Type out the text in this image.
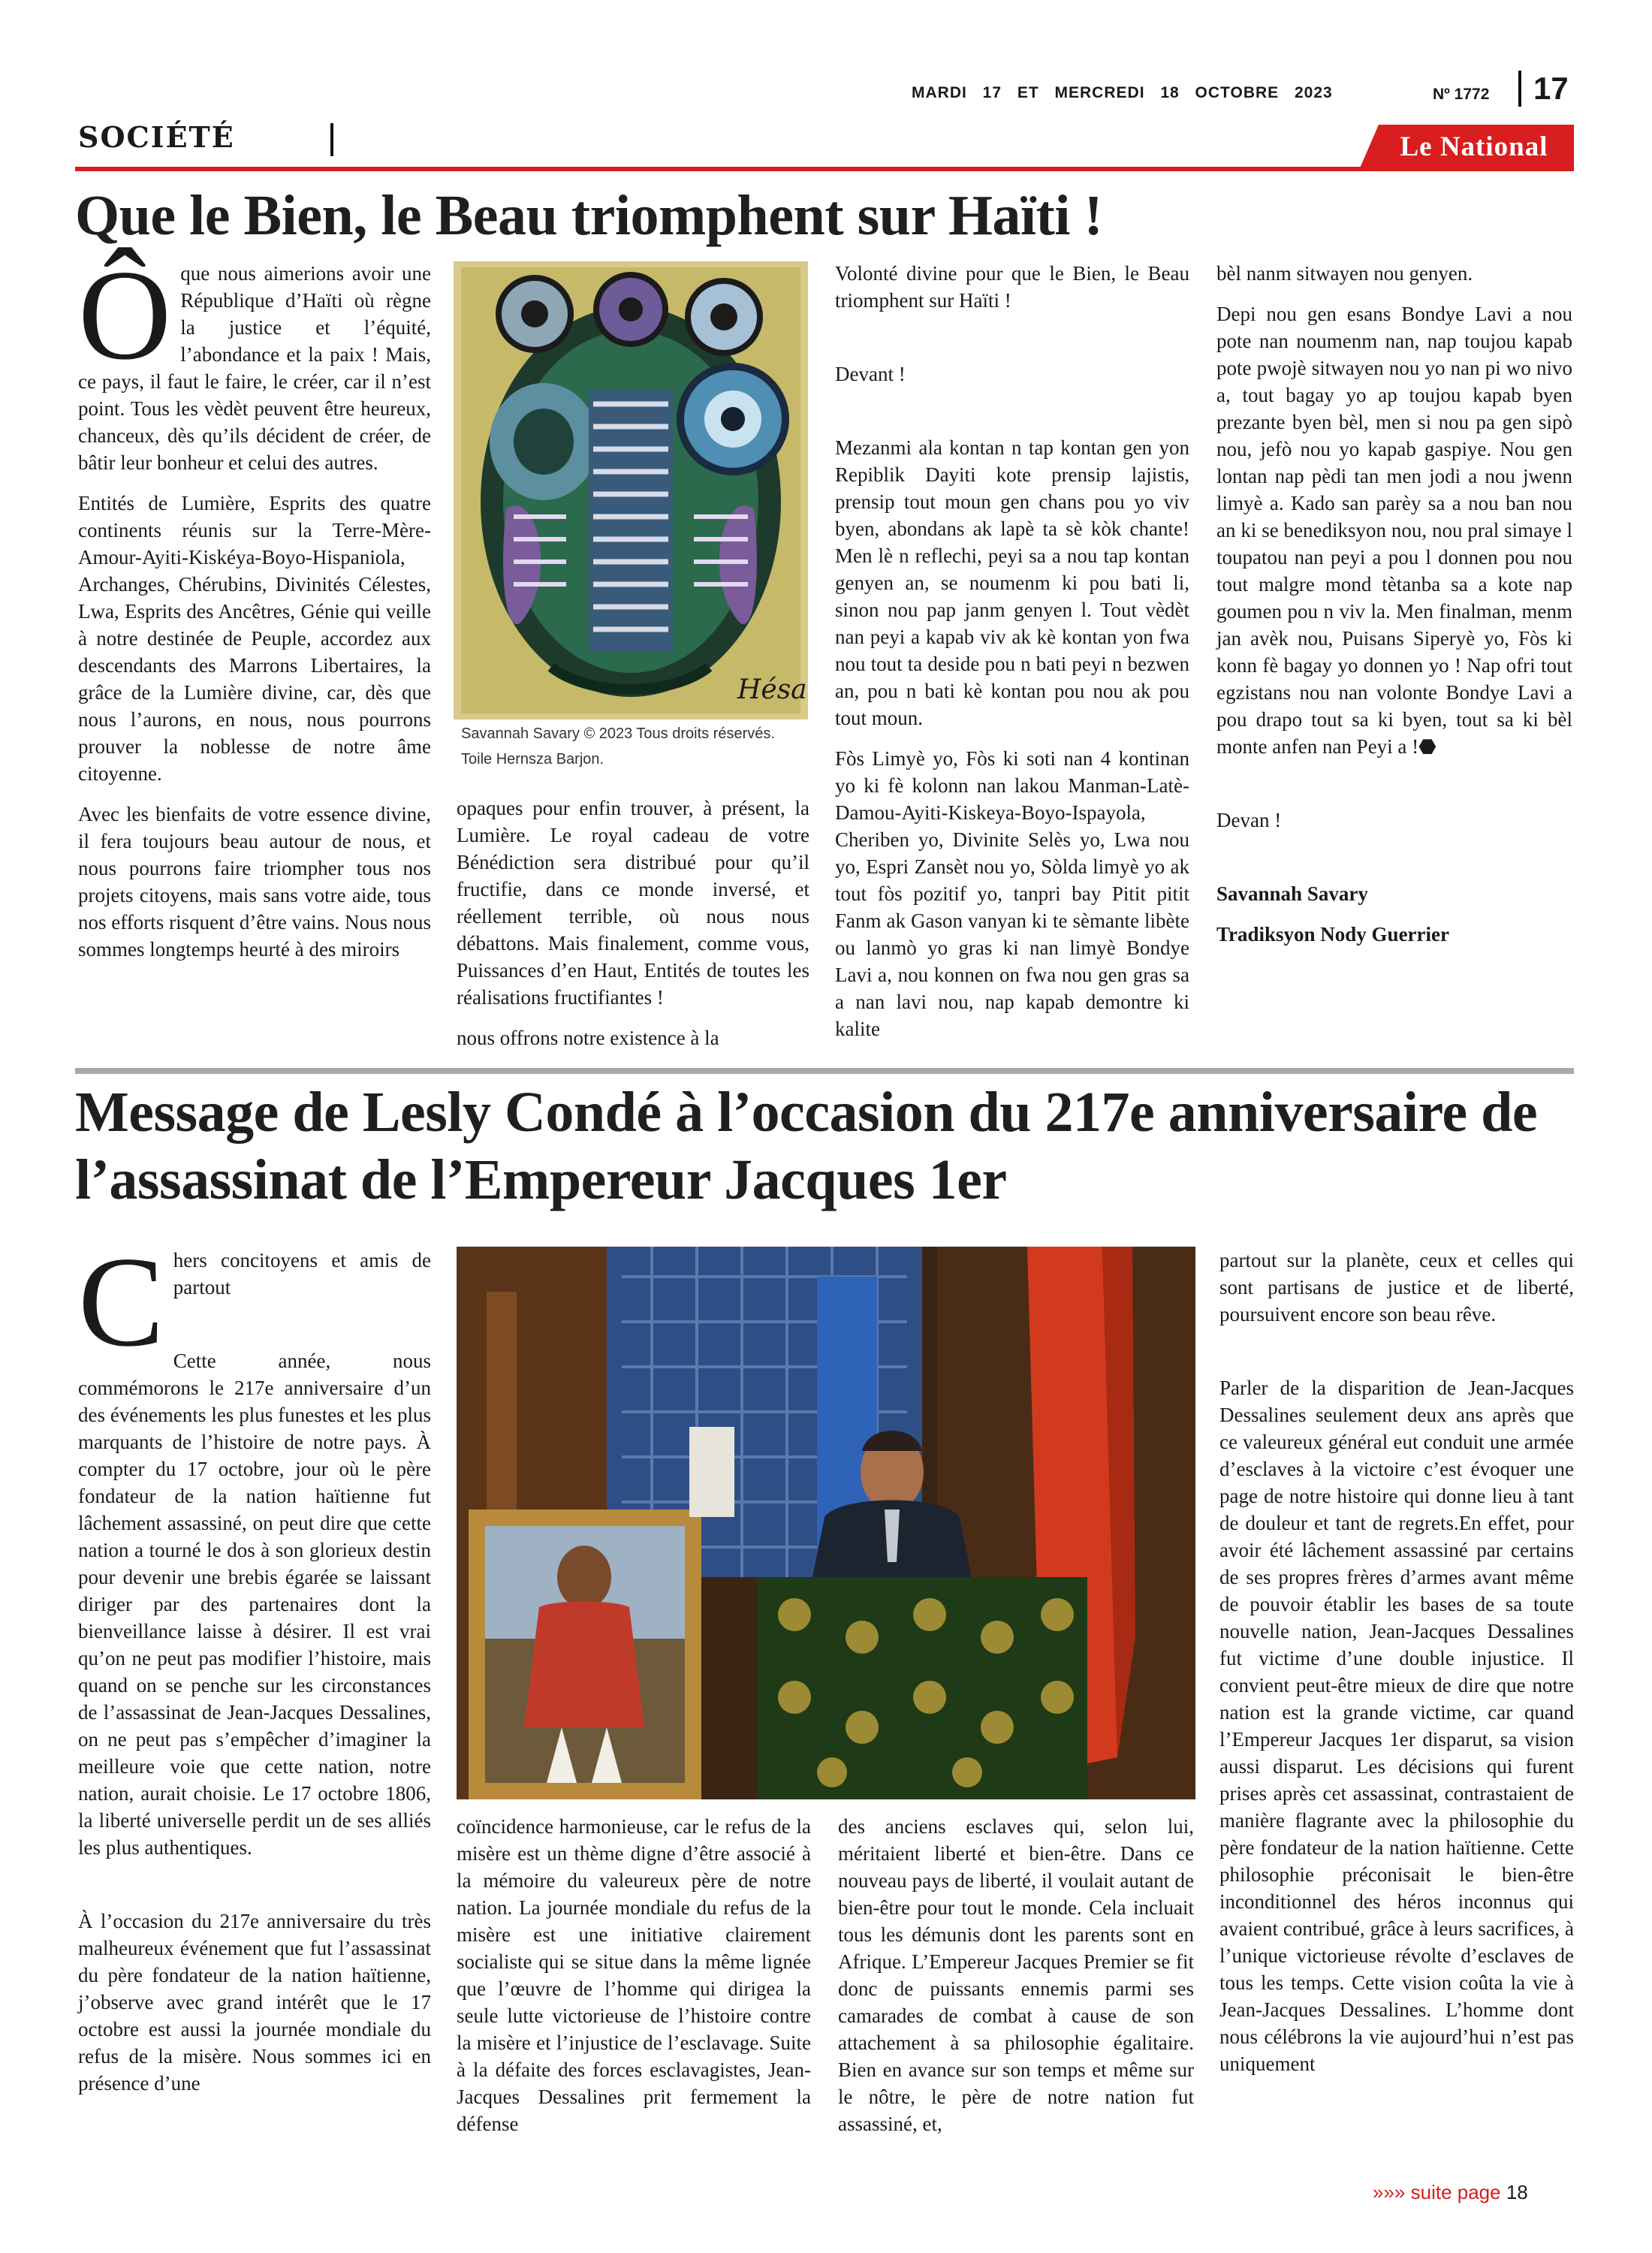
MARDI 17 ET MERCREDI 18 OCTOBRE 2023	Nº 1772 17
SOCIÉTÉ	Le National
Que le Bien, le Beau triomphent sur Haïti !

Ôque nous aimerions avoir une République d’Haïti où règne la justice et l’équité, l’abondance et la paix ! Mais, ce pays, il faut le faire, le créer, car il n’est point. Tous les vèdèt peuvent être heureux, chanceux, dès qu’ils décident de créer, de bâtir leur bonheur et celui des autres.

Entités de Lumière, Esprits des quatre continents réunis sur la Terre-Mère-Amour-Ayiti-Kiskéya-Boyo-Hispaniola, Archanges, Chérubins, Divinités Célestes, Lwa, Esprits des Ancêtres, Génie qui veille à notre destinée de Peuple, accordez aux descendants des Marrons Libertaires, la grâce de la Lumière divine, car, dès que nous l’aurons, en nous, nous pourrons prouver la noblesse de notre âme citoyenne.

Avec les bienfaits de votre essence divine, il fera toujours beau autour de nous, et nous pourrons faire triompher tous nos projets citoyens, mais sans votre aide, tous nos efforts risquent d’être vains. Nous nous sommes longtemps heurté à des miroirs

Hésa
Savannah Savary © 2023 Tous droits réservés.
Toile Hernsza Barjon.

opaques pour enfin trouver, à présent, la Lumière. Le royal cadeau de votre Bénédiction sera distribué pour qu’il fructifie, dans ce monde inversé, et réellement terrible, où nous nous débattons. Mais finalement, comme vous, Puissances d’en Haut, Entités de toutes les réalisations fructifiantes !

nous offrons notre existence à la

Volonté divine pour que le Bien, le Beau triomphent sur Haïti !

Devant !

Mezanmi ala kontan n tap kontan gen yon Repiblik Dayiti kote prensip lajistis, prensip tout moun gen chans pou yo viv byen, abondans ak lapè ta sè kòk chante! Men lè n reflechi, peyi sa a nou tap kontan genyen an, se noumenm ki pou bati li, sinon nou pap janm genyen l. Tout vèdèt nan peyi a kapab viv ak kè kontan yon fwa nou tout ta deside pou n bati peyi n bezwen an, pou n bati kè kontan pou nou ak pou tout moun.

Fòs Limyè yo, Fòs ki soti nan 4 kontinan yo ki fè kolonn nan lakou Manman-Latè-Damou-Ayiti-Kiskeya-Boyo-Ispayola, Cheriben yo, Divinite Selès yo, Lwa nou yo, Espri Zansèt nou yo, Sòlda limyè yo ak tout fòs pozitif yo, tanpri bay Pitit pitit Fanm ak Gason vanyan ki te sèmante libète ou lanmò yo gras ki nan limyè Bondye Lavi a, nou konnen on fwa nou gen gras sa a nan lavi nou, nap kapab demontre ki kalite

bèl nanm sitwayen nou genyen.

Depi nou gen esans Bondye Lavi a nou pote nan noumenm nan, nap toujou kapab pote pwojè sitwayen nou yo nan pi wo nivo a, tout bagay yo ap toujou kapab byen prezante byen bèl, men si nou pa gen sipò nou, jefò nou yo kapab gaspiye. Nou gen lontan nap pèdi tan men jodi a nou jwenn limyè a. Kado san parèy sa a nou ban nou an ki se benediksyon nou, nou pral simaye l toupatou nan peyi a pou l donnen pou nou tout malgre mond tètanba sa a kote nap goumen pou n viv la. Men finalman, menm jan avèk nou, Puisans Siperyè yo, Fòs ki konn fè bagay yo donnen yo ! Nap ofri tout egzistans nou nan volonte Bondye Lavi a pou drapo tout sa ki byen, tout sa ki bèl monte anfen nan Peyi a !⬣

Devan !

Savannah Savary

Tradiksyon Nody Guerrier

Message de Lesly Condé à l’occasion du 217e anniversaire de l’assassinat de l’Empereur Jacques 1er

Chers concitoyens et amis de partout

Cette année, nous commémorons le 217e anniversaire d’un des événements les plus funestes et les plus marquants de l’histoire de notre pays. À compter du 17 octobre, jour où le père fondateur de la nation haïtienne fut lâchement assassiné, on peut dire que cette nation a tourné le dos à son glorieux destin pour devenir une brebis égarée se laissant diriger par des partenaires dont la bienveillance laisse à désirer. Il est vrai qu’on ne peut pas modifier l’histoire, mais quand on se penche sur les circonstances de l’assassinat de Jean-Jacques Dessalines, on ne peut pas s’empêcher d’imaginer la meilleure voie que cette nation, notre nation, aurait choisie. Le 17 octobre 1806, la liberté universelle perdit un de ses alliés les plus authentiques.

À l’occasion du 217e anniversaire du très malheureux événement que fut l’assassinat du père fondateur de la nation haïtienne, j’observe avec grand intérêt que le 17 octobre est aussi la journée mondiale du refus de la misère. Nous sommes ici en présence d’une

coïncidence harmonieuse, car le refus de la misère est un thème digne d’être associé à la mémoire du valeureux père de notre nation. La journée mondiale du refus de la misère est une initiative clairement socialiste qui se situe dans la même lignée que l’œuvre de l’homme qui dirigea la seule lutte victorieuse de l’histoire contre la misère et l’injustice de l’esclavage. Suite à la défaite des forces esclavagistes, Jean-Jacques Dessalines prit fermement la défense

des anciens esclaves qui, selon lui, méritaient liberté et bien-être. Dans ce nouveau pays de liberté, il voulait autant de bien-être pour tout le monde. Cela incluait tous les démunis dont les parents sont en Afrique. L’Empereur Jacques Premier se fit donc de puissants ennemis parmi ses camarades de combat à cause de son attachement à sa philosophie égalitaire. Bien en avance sur son temps et même sur le nôtre, le père de notre nation fut assassiné, et,

partout sur la planète, ceux et celles qui sont partisans de justice et de liberté, poursuivent encore son beau rêve.

Parler de la disparition de Jean-Jacques Dessalines seulement deux ans après que ce valeureux général eut conduit une armée d’esclaves à la victoire c’est évoquer une page de notre histoire qui donne lieu à tant de douleur et tant de regrets.En effet, pour avoir été lâchement assassiné par certains de ses propres frères d’armes avant même de pouvoir établir les bases de sa toute nouvelle nation, Jean-Jacques Dessalines fut victime d’une double injustice. Il convient peut-être mieux de dire que notre nation est la grande victime, car quand l’Empereur Jacques 1er disparut, sa vision aussi disparut. Les décisions qui furent prises après cet assassinat, contrastaient de manière flagrante avec la philosophie du père fondateur de la nation haïtienne. Cette philosophie préconisait le bien-être inconditionnel des héros inconnus qui avaient contribué, grâce à leurs sacrifices, à l’unique victorieuse révolte d’esclaves de tous les temps. Cette vision coûta la vie à Jean-Jacques Dessalines. L’homme dont nous célébrons la vie aujourd’hui n’est pas uniquement

»»» suite page 18
